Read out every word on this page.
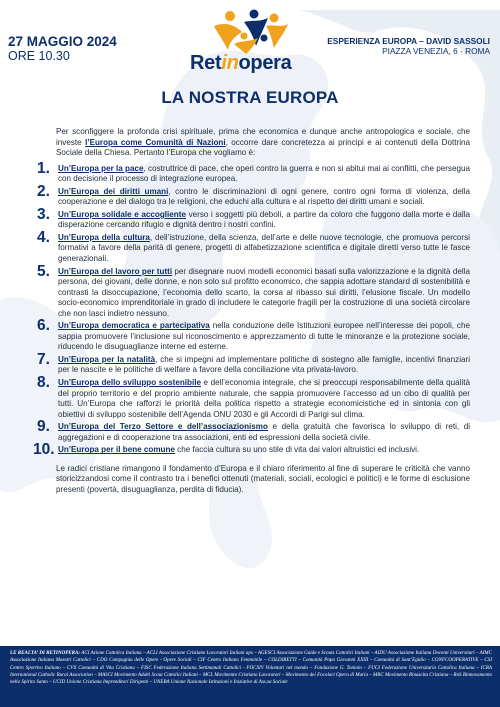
27 MAGGIO 2024
ORE 10.30	Retinopera
ESPERIENZA EUROPA – DAVID SASSOLI
PIAZZA VENEZIA, 6 - ROMA
LA NOSTRA EUROPA

Per sconfiggere la profonda crisi spirituale, prima che economica e dunque anche antropologica e sociale, che investe l’Europa come Comunità di Nazioni, occorre dare concretezza ai principi e ai contenuti della Dottrina Sociale della Chiesa. Pertanto l’Europa che vogliamo è:

1. Un’Europa per la pace, costruttrice di pace, che operi contro la guerra e non si abitui mai ai conflitti, che persegua con decisione il processo di integrazione europea.
2. Un’Europa dei diritti umani, contro le discriminazioni di ogni genere, contro ogni forma di violenza, della cooperazione e del dialogo tra le religioni, che educhi alla cultura e al rispetto dei diritti umani e sociali.
3. Un’Europa solidale e accogliente verso i soggetti più deboli, a partire da coloro che fuggono dalla morte e dalla disperazione cercando rifugio e dignità dentro i nostri confini.
4. Un’Europa della cultura, dell’istruzione, della scienza, dell’arte e delle nuove tecnologie, che promuova percorsi formativi a favore della parità di genere, progetti di alfabetizzazione scientifica e digitale diretti verso tutte le fasce generazionali.
5. Un’Europa del lavoro per tutti per disegnare nuovi modelli economici basati sulla valorizzazione e la dignità della persona, dei giovani, delle donne, e non solo sul profitto economico, che sappia adottare standard di sostenibilità e contrasti la disoccupazione, l’economia dello scarto, la corsa al ribasso sui diritti, l’elusione fiscale. Un modello socio-economico imprenditoriale in grado di includere le categorie fragili per la costruzione di una società circolare che non lasci indietro nessuno.
6. Un’Europa democratica e partecipativa nella conduzione delle Istituzioni europee nell’interesse dei popoli, che sappia promuovere l’inclusione sul riconoscimento e apprezzamento di tutte le minoranze e la protezione sociale, riducendo le disuguaglianze interne ed esterne.
7. Un’Europa per la natalità, che si impegni ad implementare politiche di sostegno alle famiglie, incentivi finanziari per le nascite e le politiche di welfare a favore della conciliazione vita privata-lavoro.
8. Un’Europa dello sviluppo sostenibile e dell’economia integrale, che si preoccupi responsabilmente della qualità del proprio territorio e del proprio ambiente naturale, che sappia promuovere l’accesso ad un cibo di qualità per tutti. Un’Europa che rafforzi le priorità della politica rispetto a strategie economicistiche ed in sintonia con gli obiettivi di sviluppo sostenibile dell’Agenda ONU 2030 e gli Accordi di Parigi sul clima.
9. Un’Europa del Terzo Settore e dell’associazionismo e della gratuità che favorisca lo sviluppo di reti, di aggregazioni e di cooperazione tra associazioni, enti ed espressioni della società civile.
10. Un’Europa per il bene comune che faccia cultura su uno stile di vita dai valori altruistici ed inclusivi.

Le radici cristiane rimangono il fondamento d’Europa e il chiaro riferimento al fine di superare le criticità che vanno storicizzandosi come il contrasto tra i benefici ottenuti (materiali, sociali, ecologici e politici) e le forme di esclusione presenti (povertà, disuguaglianza, perdita di fiducia).

LE REALTA’ DI RETINOPERA: ACI Azione Cattolica Italiana – ACLI Associazione Cristiane Lavoratori Italiani aps – AGESCI Associazione Guide e Scouts Cattolici Italiani – AIDU Associazione Italiana Docenti Universitari – AIMC Associazione Italiana Maestri Cattolici – CDO Compagnia delle Opere - Opere Sociali – CIF Centro Italiano Femminile – COLDIRETTI – Comunità Papa Giovanni XXIII – Comunità di Sant’Egidio – CONFCOOPERATIVE – CSI Centro Sportivo Italiano – CVX Comunità di Vita Cristiana – FISC Federazione Italiana Settimanali Cattolici - FOCSIV Volontari nel mondo – Fondazione G. Toniolo – FUCI Federazione Universitaria Cattolica Italiana – ICRA International Catholic Rural Association – MASCI Movimento Adulti Scout Cattolici Italiani – MCL Movimento Cristiano Lavoratori – Movimento dei Focolari Opera di Maria – MRC Movimento Rinascita Cristiana – RnS Rinnovamento nello Spirito Santo – UCID Unione Cristiana Imprenditori Dirigenti – UNEBA Unione Nazionale Istituzioni e Iniziative di Ass.za Sociale
